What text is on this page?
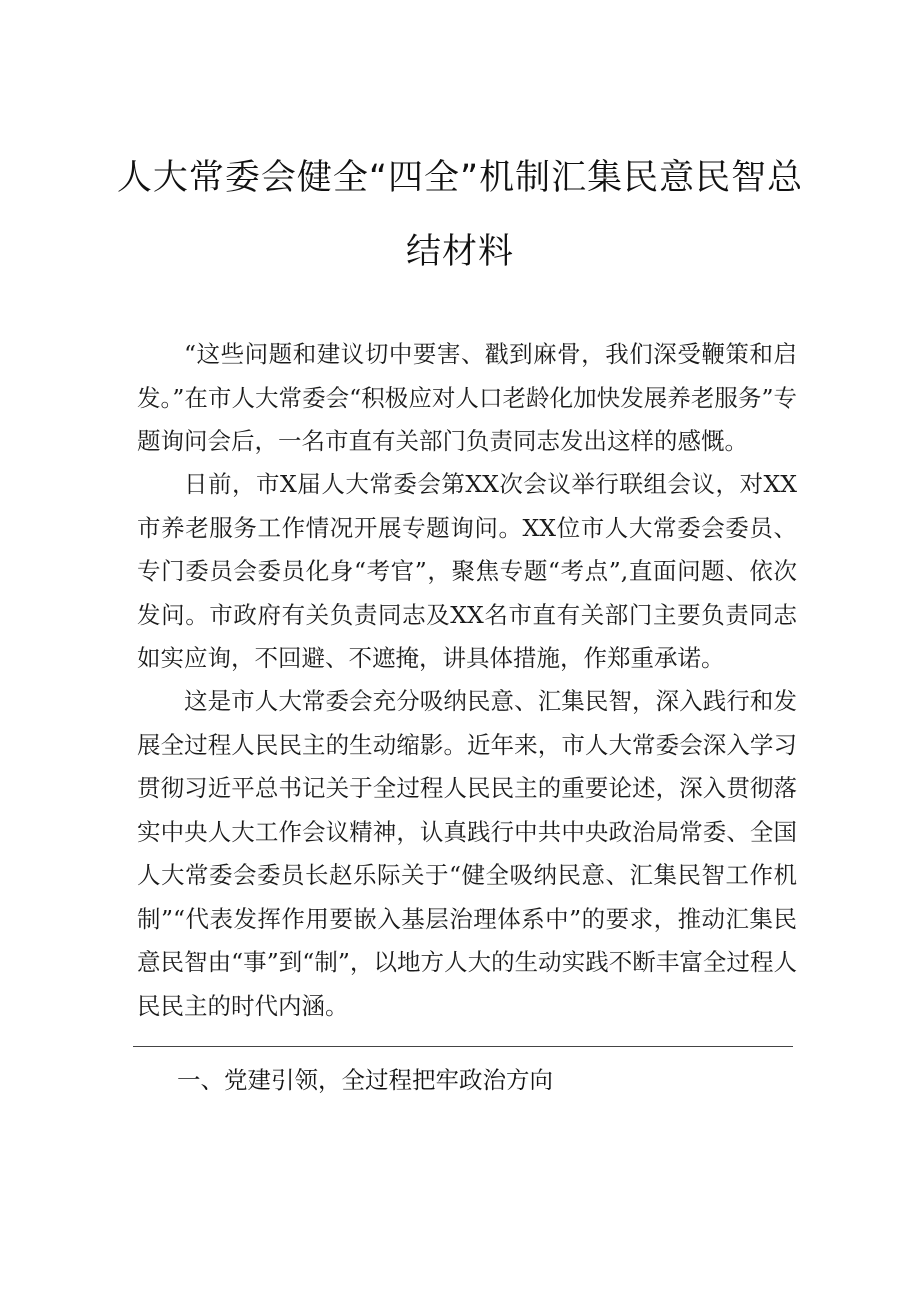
人大常委会健全“四全”机制汇集民意民智总
结材料

“这些问题和建议切中要害、戳到麻骨，我们深受鞭策和启发。”在市人大常委会“积极应对人口老龄化加快发展养老服务”专题询问会后，一名市直有关部门负责同志发出这样的感慨。

日前，市X届人大常委会第XX次会议举行联组会议，对XX市养老服务工作情况开展专题询问。XX位市人大常委会委员、专门委员会委员化身“考官”，聚焦专题“考点”,直面问题、依次发问。市政府有关负责同志及XX名市直有关部门主要负责同志如实应询，不回避、不遮掩，讲具体措施，作郑重承诺。

这是市人大常委会充分吸纳民意、汇集民智，深入践行和发展全过程人民民主的生动缩影。近年来，市人大常委会深入学习贯彻习近平总书记关于全过程人民民主的重要论述，深入贯彻落实中央人大工作会议精神，认真践行中共中央政治局常委、全国人大常委会委员长赵乐际关于“健全吸纳民意、汇集民智工作机制”“代表发挥作用要嵌入基层治理体系中”的要求，推动汇集民意民智由“事”到“制”，以地方人大的生动实践不断丰富全过程人民民主的时代内涵。

一、党建引领，全过程把牢政治方向
